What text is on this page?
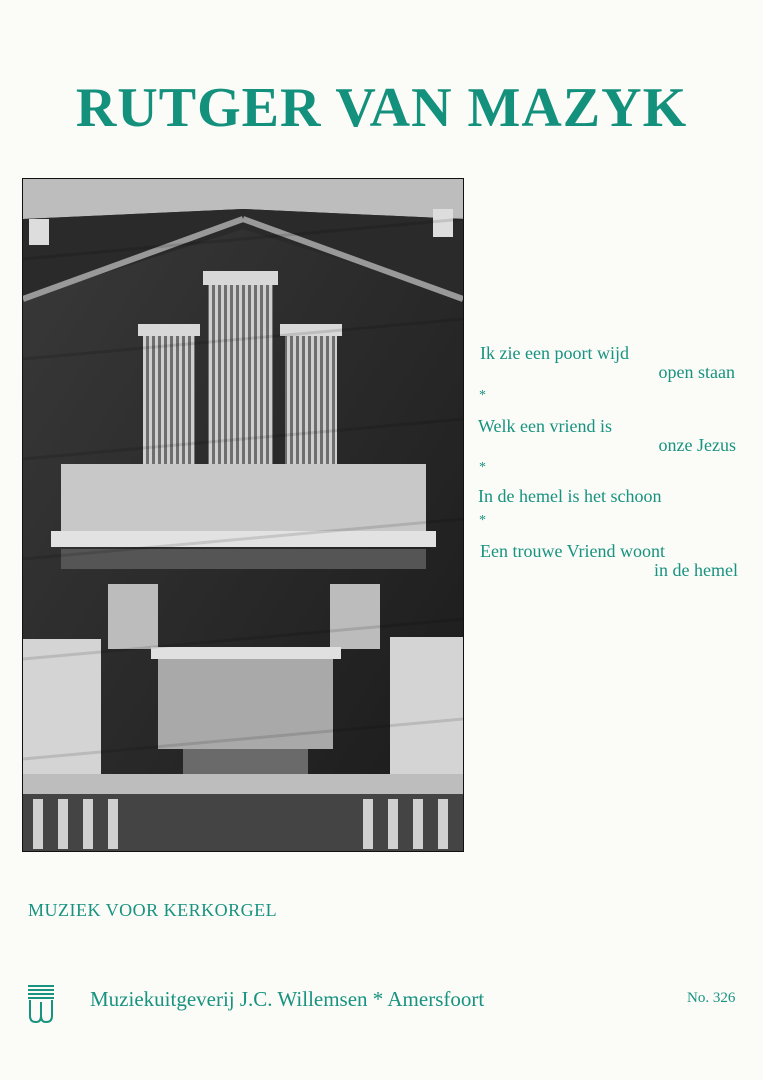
RUTGER VAN MAZYK
Ik zie een poort wijd
open staan
*
Welk een vriend is
onze Jezus
*
In de hemel is het schoon
*
Een trouwe Vriend woont
in de hemel
MUZIEK VOOR KERKORGEL
Muziekuitgeverij J.C. Willemsen * Amersfoort	No. 326
